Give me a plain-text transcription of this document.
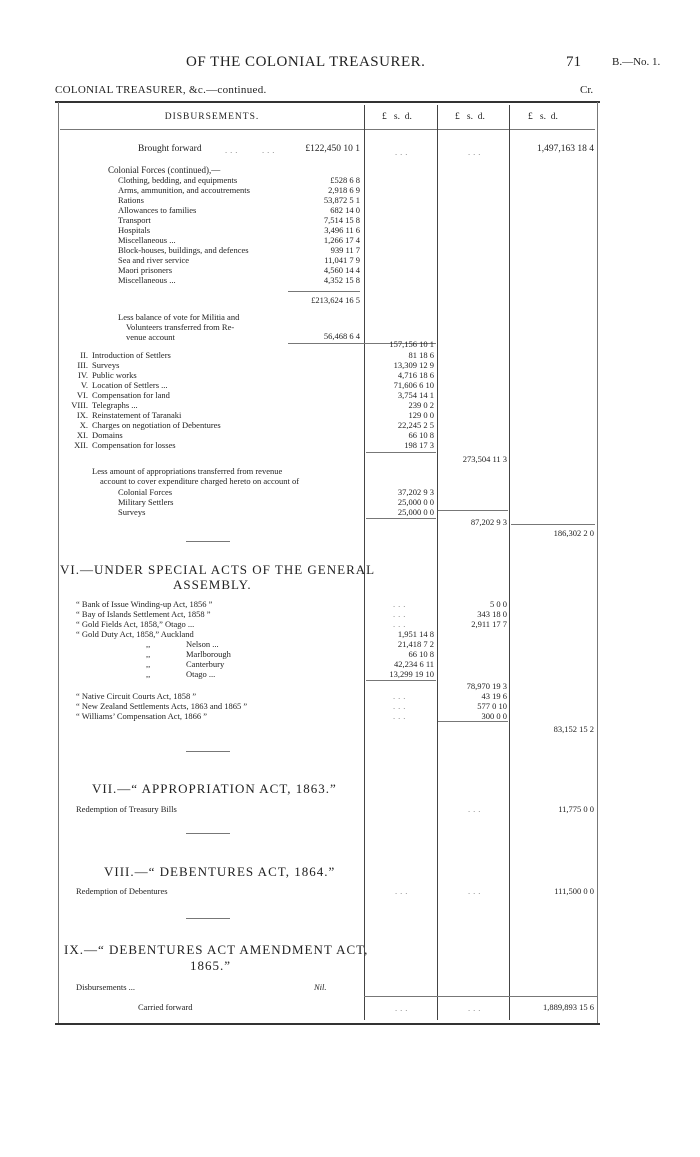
OF THE COLONIAL TREASURER.	71	B.—No. 1.
COLONIAL TREASURER, &c.—continued.	Cr.
DISBURSEMENTS.	£   s.  d.	£   s.  d.	£   s.  d.
Brought forward	...	...	£122,450 10 1	...	...	1,497,163 18 4
Colonial Forces (continued),—
Clothing, bedding, and equipments	£528 6 8
Arms, ammunition, and accoutrements	2,918 6 9
Rations	53,872 5 1
Allowances to families	682 14 0
Transport	7,514 15 8
Hospitals	3,496 11 6
Miscellaneous ...	1,266 17 4
Block-houses, buildings, and defences	939 11 7
Sea and river service	11,041 7 9
Maori prisoners	4,560 14 4
Miscellaneous ...	4,352 15 8
£213,624 16 5
Less balance of vote for Militia and
Volunteers transferred from Re-
venue account	56,468 6 4
157,156 10 1
II. Introduction of Settlers	81 18 6
III. Surveys	13,309 12 9
IV. Public works	4,716 18 6
V. Location of Settlers ...	71,606 6 10
VI. Compensation for land	3,754 14 1
VIII. Telegraphs ...	239 0 2
IX. Reinstatement of Taranaki	129 0 0
X. Charges on negotiation of Debentures	22,245 2 5
XI. Domains	66 10 8
XII. Compensation for losses	198 17 3
273,504 11 3
Less amount of appropriations transferred from revenue
account to cover expenditure charged hereto on account of
Colonial Forces	37,202 9 3
Military Settlers	25,000 0 0
Surveys	25,000 0 0
87,202 9 3
186,302 2 0
VI.—UNDER SPECIAL ACTS OF THE GENERAL
ASSEMBLY.
“ Bank of Issue Winding-up Act, 1856 ”	...	5 0 0
“ Bay of Islands Settlement Act, 1858 ”	...	343 18 0
“ Gold Fields Act, 1858,” Otago ...	...	2,911 17 7
“ Gold Duty Act, 1858,” Auckland	1,951 14 8
,,	Nelson ...	21,418 7 2
,,	Marlborough	66 10 8
,,	Canterbury	42,234 6 11
,,	Otago ...	13,299 19 10
78,970 19 3
“ Native Circuit Courts Act, 1858 ”	...	43 19 6
“ New Zealand Settlements Acts, 1863 and 1865 ”	...	577 0 10
“ Williams’ Compensation Act, 1866 ”	...	300 0 0
83,152 15 2
VII.—“ APPROPRIATION ACT, 1863.”
Redemption of Treasury Bills	...	11,775 0 0
VIII.—“ DEBENTURES ACT, 1864.”
Redemption of Debentures	...	...	111,500 0 0
IX.—“ DEBENTURES ACT AMENDMENT ACT,
1865.”
Disbursements ...	Nil.
Carried forward	...	...	1,889,893 15 6
